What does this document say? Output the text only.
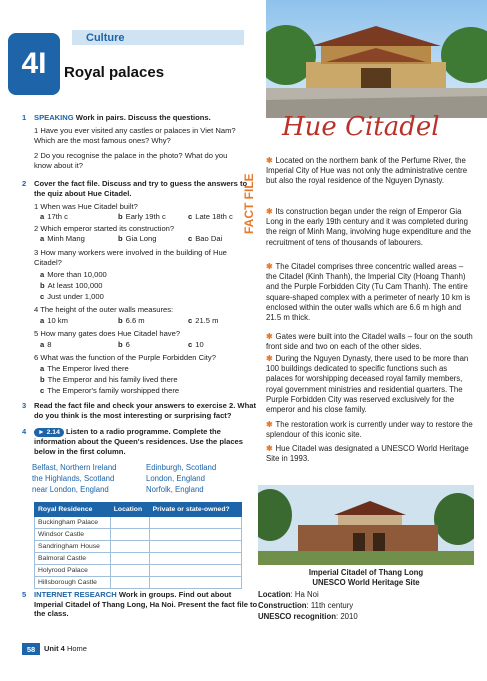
4I
Culture
Royal palaces
1 SPEAKING Work in pairs. Discuss the questions.
1 Have you ever visited any castles or palaces in Viet Nam? Which are the most famous ones? Why?
2 Do you recognise the palace in the photo? What do you know about it?
2 Cover the fact file. Discuss and try to guess the answers to the quiz about Hue Citadel.
1 When was Hue Citadel built?
a 17th c	b Early 19th c	c Late 18th c
2 Which emperor started its construction?
a Minh Mang	b Gia Long	c Bao Dai
3 How many workers were involved in the building of Hue Citadel?
a More than 10,000
b At least 100,000
c Just under 1,000
4 The height of the outer walls measures:
a 10 km	b 6.6 m	c 21.5 m
5 How many gates does Hue Citadel have?
a 8	b 6	c 10
6 What was the function of the Purple Forbidden City?
a The Emperor lived there
b The Emperor and his family lived there
c The Emperor's family worshipped there
3 Read the fact file and check your answers to exercise 2. What do you think is the most interesting or surprising fact?
4	► 2.14 Listen to a radio programme. Complete the information about the Queen's residences. Use the places below in the first column.
Belfast, Northern Ireland	Edinburgh, Scotland
the Highlands, Scotland	London, England
near London, England	Norfolk, England
Royal Residence	Location	Private or state-owned?
Buckingham Palace		
Windsor Castle		
Sandringham House		
Balmoral Castle		
Holyrood Palace		
Hillsborough Castle		
5 INTERNET RESEARCH Work in groups. Find out about Imperial Citadel of Thang Long, Ha Noi. Present the fact file to the class.
FACT FILE
Hue Citadel
✱ Located on the northern bank of the Perfume River, the Imperial City of Hue was not only the administrative centre but also the royal residence of the Nguyen Dynasty.
✱ Its construction began under the reign of Emperor Gia Long in the early 19th century and it was completed during the reign of Minh Mang, involving huge expenditure and the recruitment of tens of thousands of labourers.
✱ The Citadel comprises three concentric walled areas – the Citadel (Kinh Thanh), the Imperial City (Hoang Thanh) and the Purple Forbidden City (Tu Cam Thanh). The entire square-shaped complex with a perimeter of nearly 10 km is enclosed within the outer walls which are 6.6 m high and 21.5 m thick.
✱ Gates were built into the Citadel walls – four on the south front side and two on each of the other sides.
✱ During the Nguyen Dynasty, there used to be more than 100 buildings dedicated to specific functions such as palaces for worshipping deceased royal family members, royal government ministries and residential quarters. The Purple Forbidden City was reserved exclusively for the emperor and his close family.
✱ The restoration work is currently under way to restore the splendour of this iconic site.
✱ Hue Citadel was designated a UNESCO World Heritage Site in 1993.
Imperial Citadel of Thang Long
UNESCO World Heritage Site
Location: Ha Noi
Construction: 11th century
UNESCO recognition: 2010
58	Unit 4 Home
